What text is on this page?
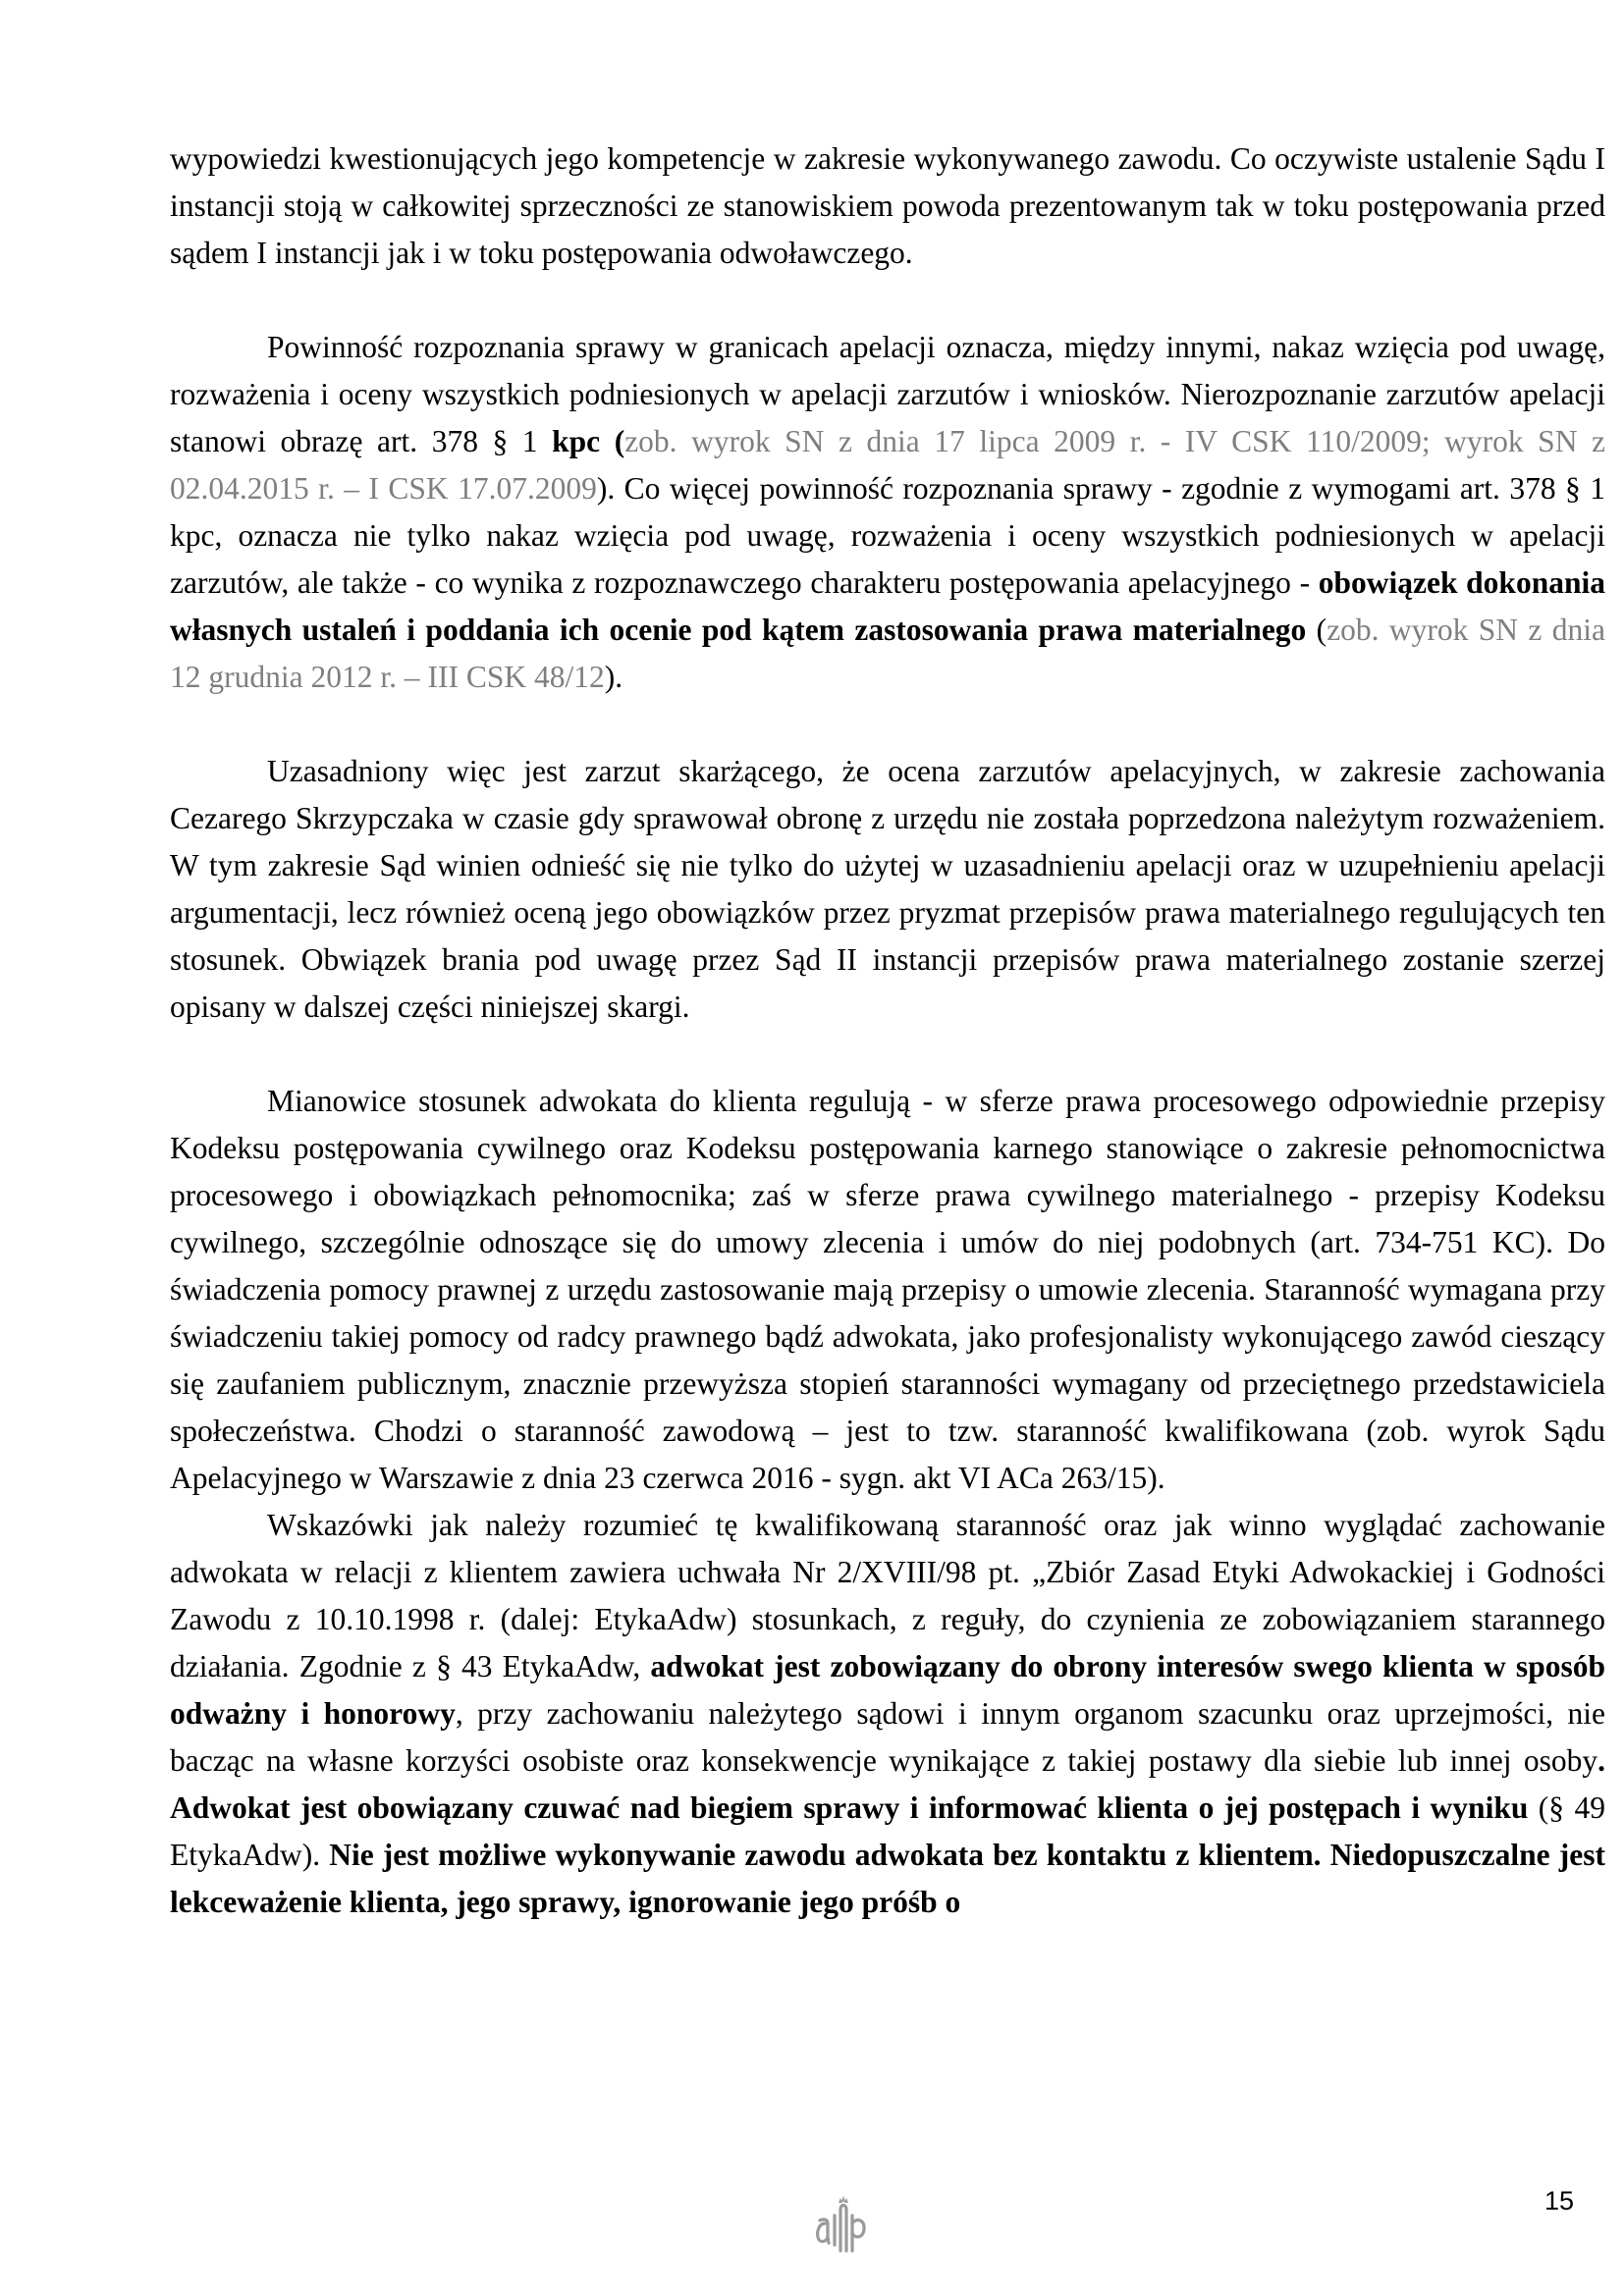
wypowiedzi kwestionujących jego kompetencje w zakresie wykonywanego zawodu. Co oczywiste ustalenie Sądu I instancji stoją w całkowitej sprzeczności ze stanowiskiem powoda prezentowanym tak w toku postępowania przed sądem I instancji jak i w toku postępowania odwoławczego.

Powinność rozpoznania sprawy w granicach apelacji oznacza, między innymi, nakaz wzięcia pod uwagę, rozważenia i oceny wszystkich podniesionych w apelacji zarzutów i wniosków. Nierozpoznanie zarzutów apelacji stanowi obrazę art. 378 § 1 kpc (zob. wyrok SN z dnia 17 lipca 2009 r. - IV CSK 110/2009; wyrok SN z 02.04.2015 r. – I CSK 17.07.2009). Co więcej powinność rozpoznania sprawy - zgodnie z wymogami art. 378 § 1 kpc, oznacza nie tylko nakaz wzięcia pod uwagę, rozważenia i oceny wszystkich podniesionych w apelacji zarzutów, ale także - co wynika z rozpoznawczego charakteru postępowania apelacyjnego - obowiązek dokonania własnych ustaleń i poddania ich ocenie pod kątem zastosowania prawa materialnego (zob. wyrok SN z dnia 12 grudnia 2012 r. – III CSK 48/12).

Uzasadniony więc jest zarzut skarżącego, że ocena zarzutów apelacyjnych, w zakresie zachowania Cezarego Skrzypczaka w czasie gdy sprawował obronę z urzędu nie została poprzedzona należytym rozważeniem. W tym zakresie Sąd winien odnieść się nie tylko do użytej w uzasadnieniu apelacji oraz w uzupełnieniu apelacji argumentacji, lecz również oceną jego obowiązków przez pryzmat przepisów prawa materialnego regulujących ten stosunek. Obwiązek brania pod uwagę przez Sąd II instancji przepisów prawa materialnego zostanie szerzej opisany w dalszej części niniejszej skargi.

Mianowice stosunek adwokata do klienta regulują - w sferze prawa procesowego odpowiednie przepisy Kodeksu postępowania cywilnego oraz Kodeksu postępowania karnego stanowiące o zakresie pełnomocnictwa procesowego i obowiązkach pełnomocnika; zaś w sferze prawa cywilnego materialnego - przepisy Kodeksu cywilnego, szczególnie odnoszące się do umowy zlecenia i umów do niej podobnych (art. 734-751 KC). Do świadczenia pomocy prawnej z urzędu zastosowanie mają przepisy o umowie zlecenia. Staranność wymagana przy świadczeniu takiej pomocy od radcy prawnego bądź adwokata, jako profesjonalisty wykonującego zawód cieszący się zaufaniem publicznym, znacznie przewyższa stopień staranności wymagany od przeciętnego przedstawiciela społeczeństwa. Chodzi o staranność zawodową – jest to tzw. staranność kwalifikowana (zob. wyrok Sądu Apelacyjnego w Warszawie z dnia 23 czerwca 2016 - sygn. akt VI ACa 263/15).

Wskazówki jak należy rozumieć tę kwalifikowaną staranność oraz jak winno wyglądać zachowanie adwokata w relacji z klientem zawiera uchwała Nr 2/XVIII/98 pt. „Zbiór Zasad Etyki Adwokackiej i Godności Zawodu z 10.10.1998 r. (dalej: EtykaAdw) stosunkach, z reguły, do czynienia ze zobowiązaniem starannego działania. Zgodnie z § 43 EtykaAdw, adwokat jest zobowiązany do obrony interesów swego klienta w sposób odważny i honorowy, przy zachowaniu należytego sądowi i innym organom szacunku oraz uprzejmości, nie bacząc na własne korzyści osobiste oraz konsekwencje wynikające z takiej postawy dla siebie lub innej osoby. Adwokat jest obowiązany czuwać nad biegiem sprawy i informować klienta o jej postępach i wyniku (§ 49 EtykaAdw). Nie jest możliwe wykonywanie zawodu adwokata bez kontaktu z klientem. Niedopuszczalne jest lekceważenie klienta, jego sprawy, ignorowanie jego próśb o

15
